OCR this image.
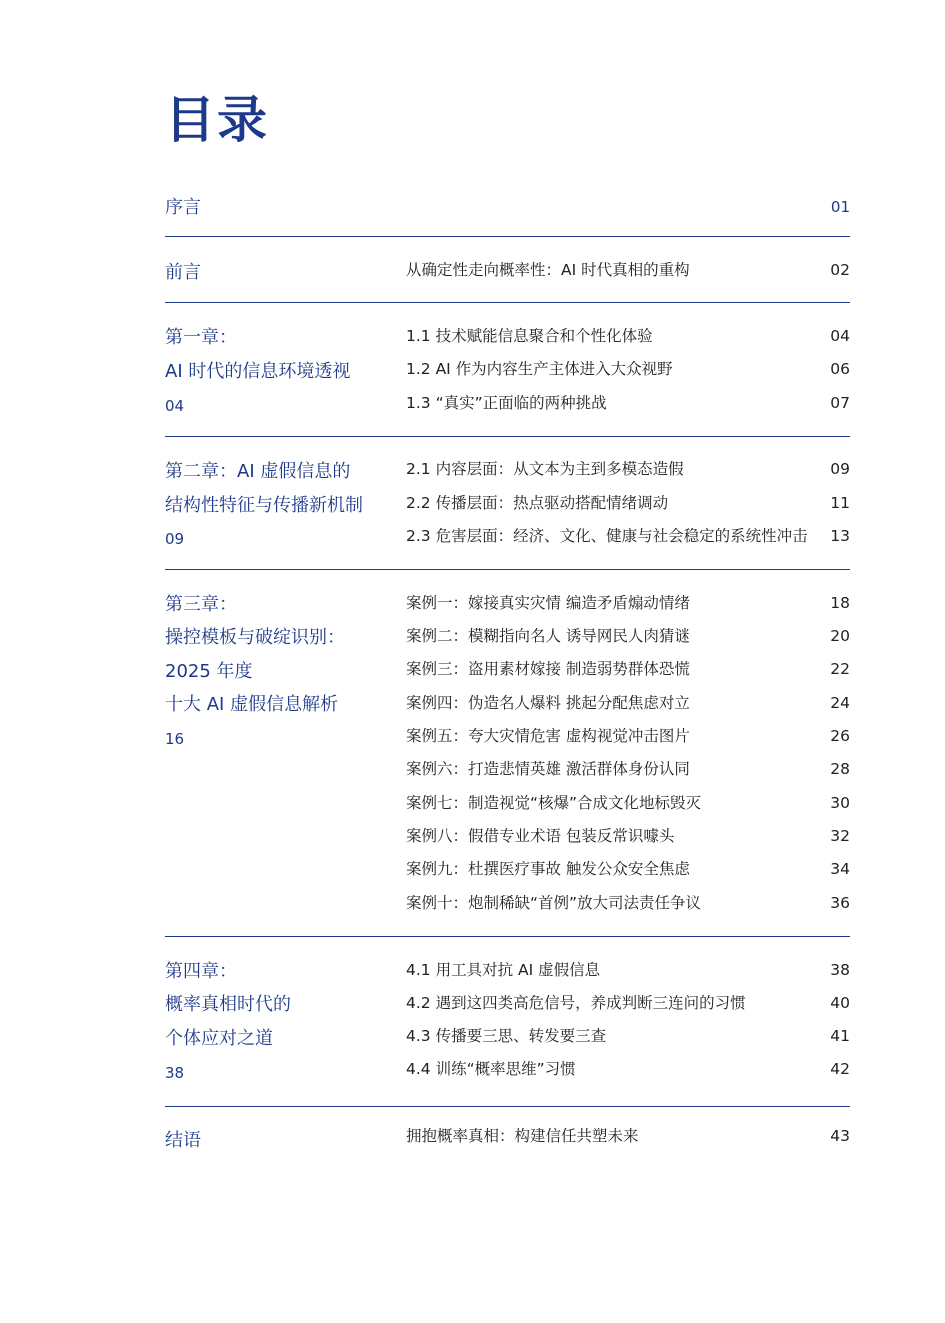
目录
序言	01
前言	从确定性走向概率性：AI 时代真相的重构	02
第一章：
AI 时代的信息环境透视
04
1.1 技术赋能信息聚合和个性化体验	04
1.2 AI 作为内容生产主体进入大众视野	06
1.3 “真实”正面临的两种挑战	07
第二章：AI 虚假信息的
结构性特征与传播新机制
09
2.1 内容层面：从文本为主到多模态造假	09
2.2 传播层面：热点驱动搭配情绪调动	11
2.3 危害层面：经济、文化、健康与社会稳定的系统性冲击 13
第三章：
操控模板与破绽识别：
2025 年度
十大 AI 虚假信息解析
16
案例一：嫁接真实灾情 编造矛盾煽动情绪	18
案例二：模糊指向名人 诱导网民人肉猜谜	20
案例三：盗用素材嫁接 制造弱势群体恐慌	22
案例四：伪造名人爆料 挑起分配焦虑对立	24
案例五：夸大灾情危害 虚构视觉冲击图片	26
案例六：打造悲情英雄 激活群体身份认同	28
案例七：制造视觉“核爆”合成文化地标毁灭	30
案例八：假借专业术语 包装反常识噱头	32
案例九：杜撰医疗事故 触发公众安全焦虑	34
案例十：炮制稀缺“首例”放大司法责任争议	36
第四章：
概率真相时代的
个体应对之道
38
4.1 用工具对抗 AI 虚假信息	38
4.2 遇到这四类高危信号，养成判断三连问的习惯	40
4.3 传播要三思、转发要三查	41
4.4 训练“概率思维”习惯	42
结语	拥抱概率真相：构建信任共塑未来	43
